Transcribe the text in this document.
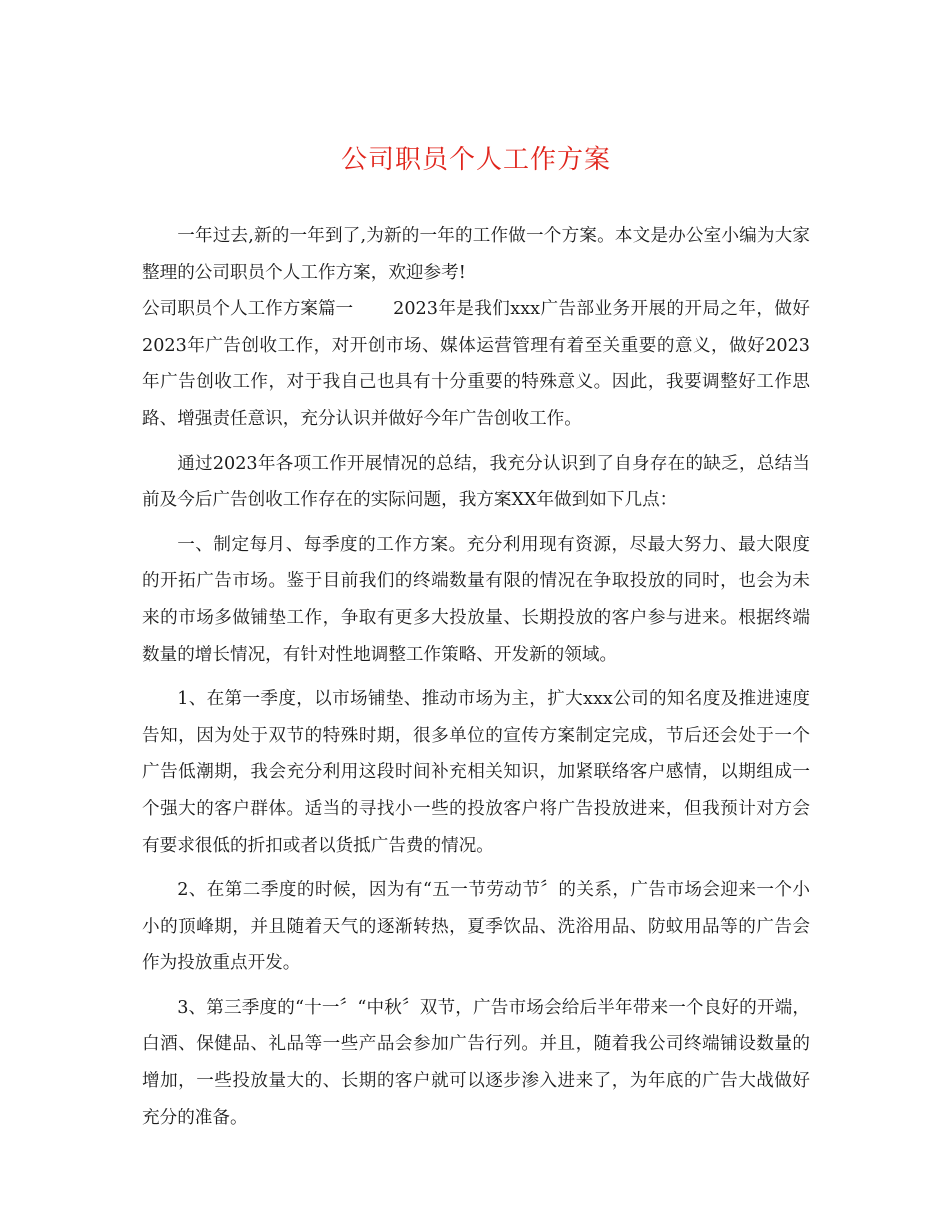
公司职员个人工作方案

一年过去,新的一年到了,为新的一年的工作做一个方案。本文是办公室小编为大家整理的公司职员个人工作方案，欢迎参考!

公司职员个人工作方案篇一 2023年是我们xxx广告部业务开展的开局之年，做好2023年广告创收工作，对开创市场、媒体运营管理有着至关重要的意义，做好2023年广告创收工作，对于我自己也具有十分重要的特殊意义。因此，我要调整好工作思路、增强责任意识，充分认识并做好今年广告创收工作。

通过2023年各项工作开展情况的总结，我充分认识到了自身存在的缺乏，总结当前及今后广告创收工作存在的实际问题，我方案XX年做到如下几点：

一、制定每月、每季度的工作方案。充分利用现有资源，尽最大努力、最大限度的开拓广告市场。鉴于目前我们的终端数量有限的情况在争取投放的同时，也会为未来的市场多做铺垫工作，争取有更多大投放量、长期投放的客户参与进来。根据终端数量的增长情况，有针对性地调整工作策略、开发新的领域。

1、在第一季度，以市场铺垫、推动市场为主，扩大xxx公司的知名度及推进速度告知，因为处于双节的特殊时期，很多单位的宣传方案制定完成，节后还会处于一个广告低潮期，我会充分利用这段时间补充相关知识，加紧联络客户感情，以期组成一个强大的客户群体。适当的寻找小一些的投放客户将广告投放进来，但我预计对方会有要求很低的折扣或者以货抵广告费的情况。

2、在第二季度的时候，因为有“五一节劳动节〞的关系，广告市场会迎来一个小小的顶峰期，并且随着天气的逐渐转热，夏季饮品、洗浴用品、防蚊用品等的广告会作为投放重点开发。

3、第三季度的“十一〞“中秋〞双节，广告市场会给后半年带来一个良好的开端，白酒、保健品、礼品等一些产品会参加广告行列。并且，随着我公司终端铺设数量的增加，一些投放量大的、长期的客户就可以逐步渗入进来了，为年底的广告大战做好充分的准备。
